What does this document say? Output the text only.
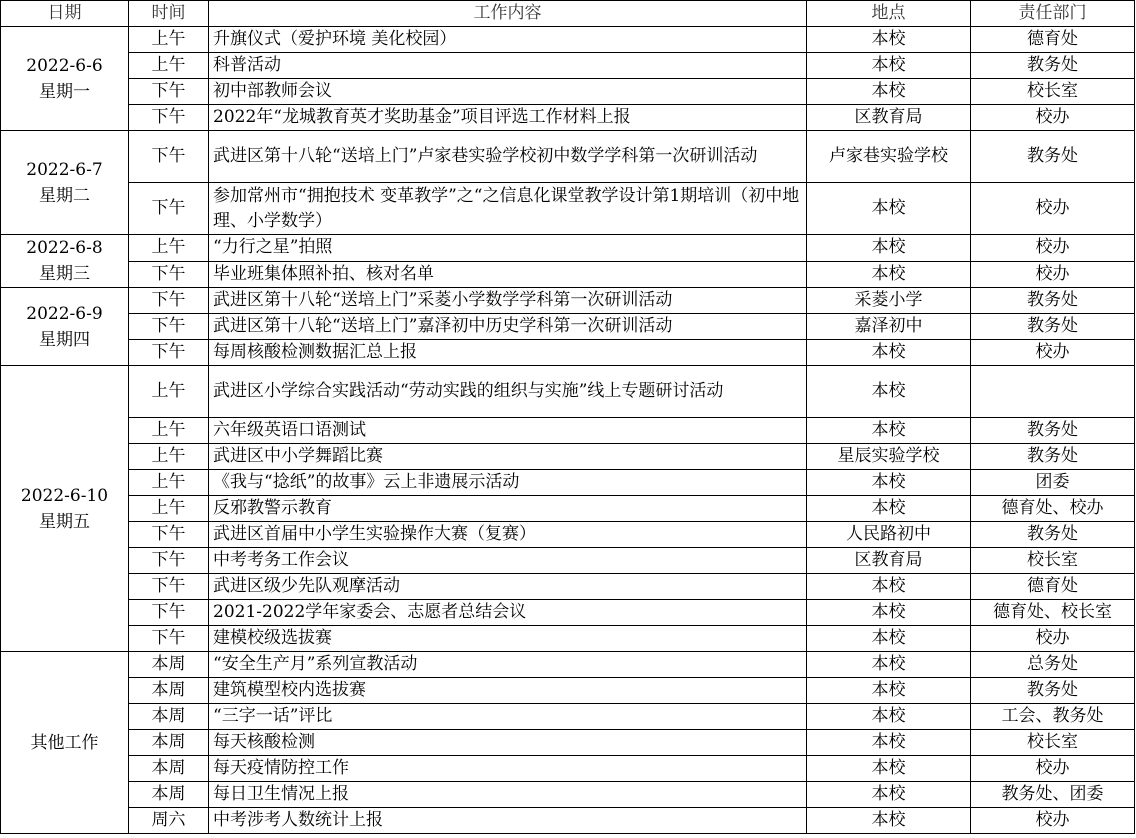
日期	时间	工作内容	地点	责任部门

2022-6-6
星期一	上午	升旗仪式（爱护环境 美化校园）	本校	德育处
	上午	科普活动	本校	教务处
	下午	初中部教师会议	本校	校长室
	下午	2022年“龙城教育英才奖助基金”项目评选工作材料上报	区教育局	校办

2022-6-7
星期二	下午	武进区第十八轮“送培上门”卢家巷实验学校初中数学学科第一次研训活动	卢家巷实验学校	教务处
	下午	参加常州市“拥抱技术 变革教学”之“之信息化课堂教学设计第1期培训（初中地理、小学数学）	本校	校办

2022-6-8
星期三	上午	“力行之星”拍照	本校	校办
	下午	毕业班集体照补拍、核对名单	本校	校办

2022-6-9
星期四	下午	武进区第十八轮“送培上门”采菱小学数学学科第一次研训活动	采菱小学	教务处
	下午	武进区第十八轮“送培上门”嘉泽初中历史学科第一次研训活动	嘉泽初中	教务处
	下午	每周核酸检测数据汇总上报	本校	校办

2022-6-10
星期五	上午	武进区小学综合实践活动“劳动实践的组织与实施”线上专题研讨活动	本校	
	上午	六年级英语口语测试	本校	教务处
	上午	武进区中小学舞蹈比赛	星辰实验学校	教务处
	上午	《我与“捻纸”的故事》云上非遗展示活动	本校	团委
	上午	反邪教警示教育	本校	德育处、校办
	下午	武进区首届中小学生实验操作大赛（复赛）	人民路初中	教务处
	下午	中考考务工作会议	区教育局	校长室
	下午	武进区级少先队观摩活动	本校	德育处
	下午	2021-2022学年家委会、志愿者总结会议	本校	德育处、校长室
	下午	建模校级选拔赛	本校	校办

其他工作	本周	“安全生产月”系列宣教活动	本校	总务处
	本周	建筑模型校内选拔赛	本校	教务处
	本周	“三字一话”评比	本校	工会、教务处
	本周	每天核酸检测	本校	校长室
	本周	每天疫情防控工作	本校	校办
	本周	每日卫生情况上报	本校	教务处、团委
	周六	中考涉考人数统计上报	本校	校办
